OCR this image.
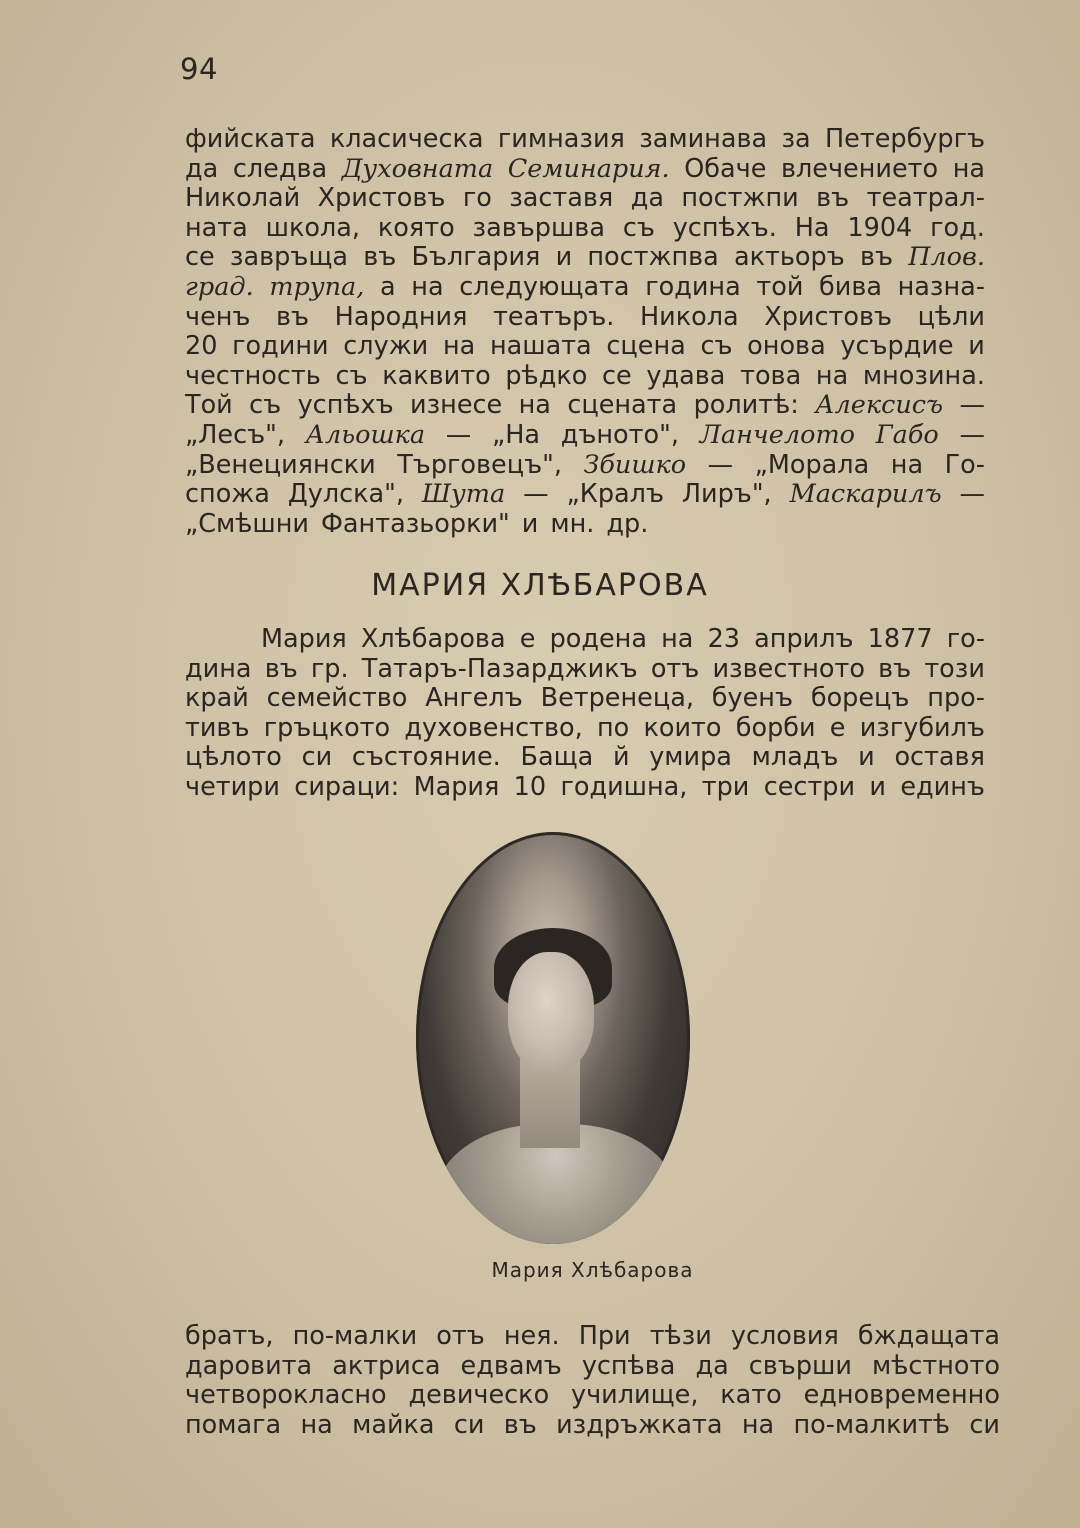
94
фийската класическа гимназия заминава за Петербургъ
да следва Духовната Семинария. Обаче влечението на
Николай Христовъ го заставя да постжпи въ театрал-
ната школа, която завършва съ успѣхъ. На 1904 год.
се завръща въ България и постжпва актьоръ въ Плов.
град. трупа, а на следующата година той бива назна-
ченъ въ Народния театъръ. Никола Христовъ цѣли
20 години служи на нашата сцена съ онова усърдие и
честность съ каквито рѣдко се удава това на мнозина.
Той съ успѣхъ изнесе на сцената ролитѣ: Алексисъ —
„Лесъ", Альошка — „На дъното", Ланчелото Габо —
„Венециянски Търговецъ", Збишко — „Морала на Го-
спожа Дулска", Шута — „Кралъ Лиръ", Маскарилъ —
„Смѣшни Фантазьорки" и мн. др.
МАРИЯ ХЛѢБАРОВА
Мария Хлѣбарова е родена на 23 априлъ 1877 го-
дина въ гр. Татаръ-Пазарджикъ отъ известното въ този
край семейство Ангелъ Ветренеца, буенъ борецъ про-
тивъ гръцкото духовенство, по които борби е изгубилъ
цѣлото си състояние. Баща й умира младъ и оставя
четири сираци: Мария 10 годишна, три сестри и единъ
Мария Хлѣбарова
братъ, по-малки отъ нея. При тѣзи условия бждащата
даровита актриса едвамъ успѣва да свърши мѣстното
четворокласно девическо училище, като едновременно
помага на майка си въ издръжката на по-малкитѣ си
